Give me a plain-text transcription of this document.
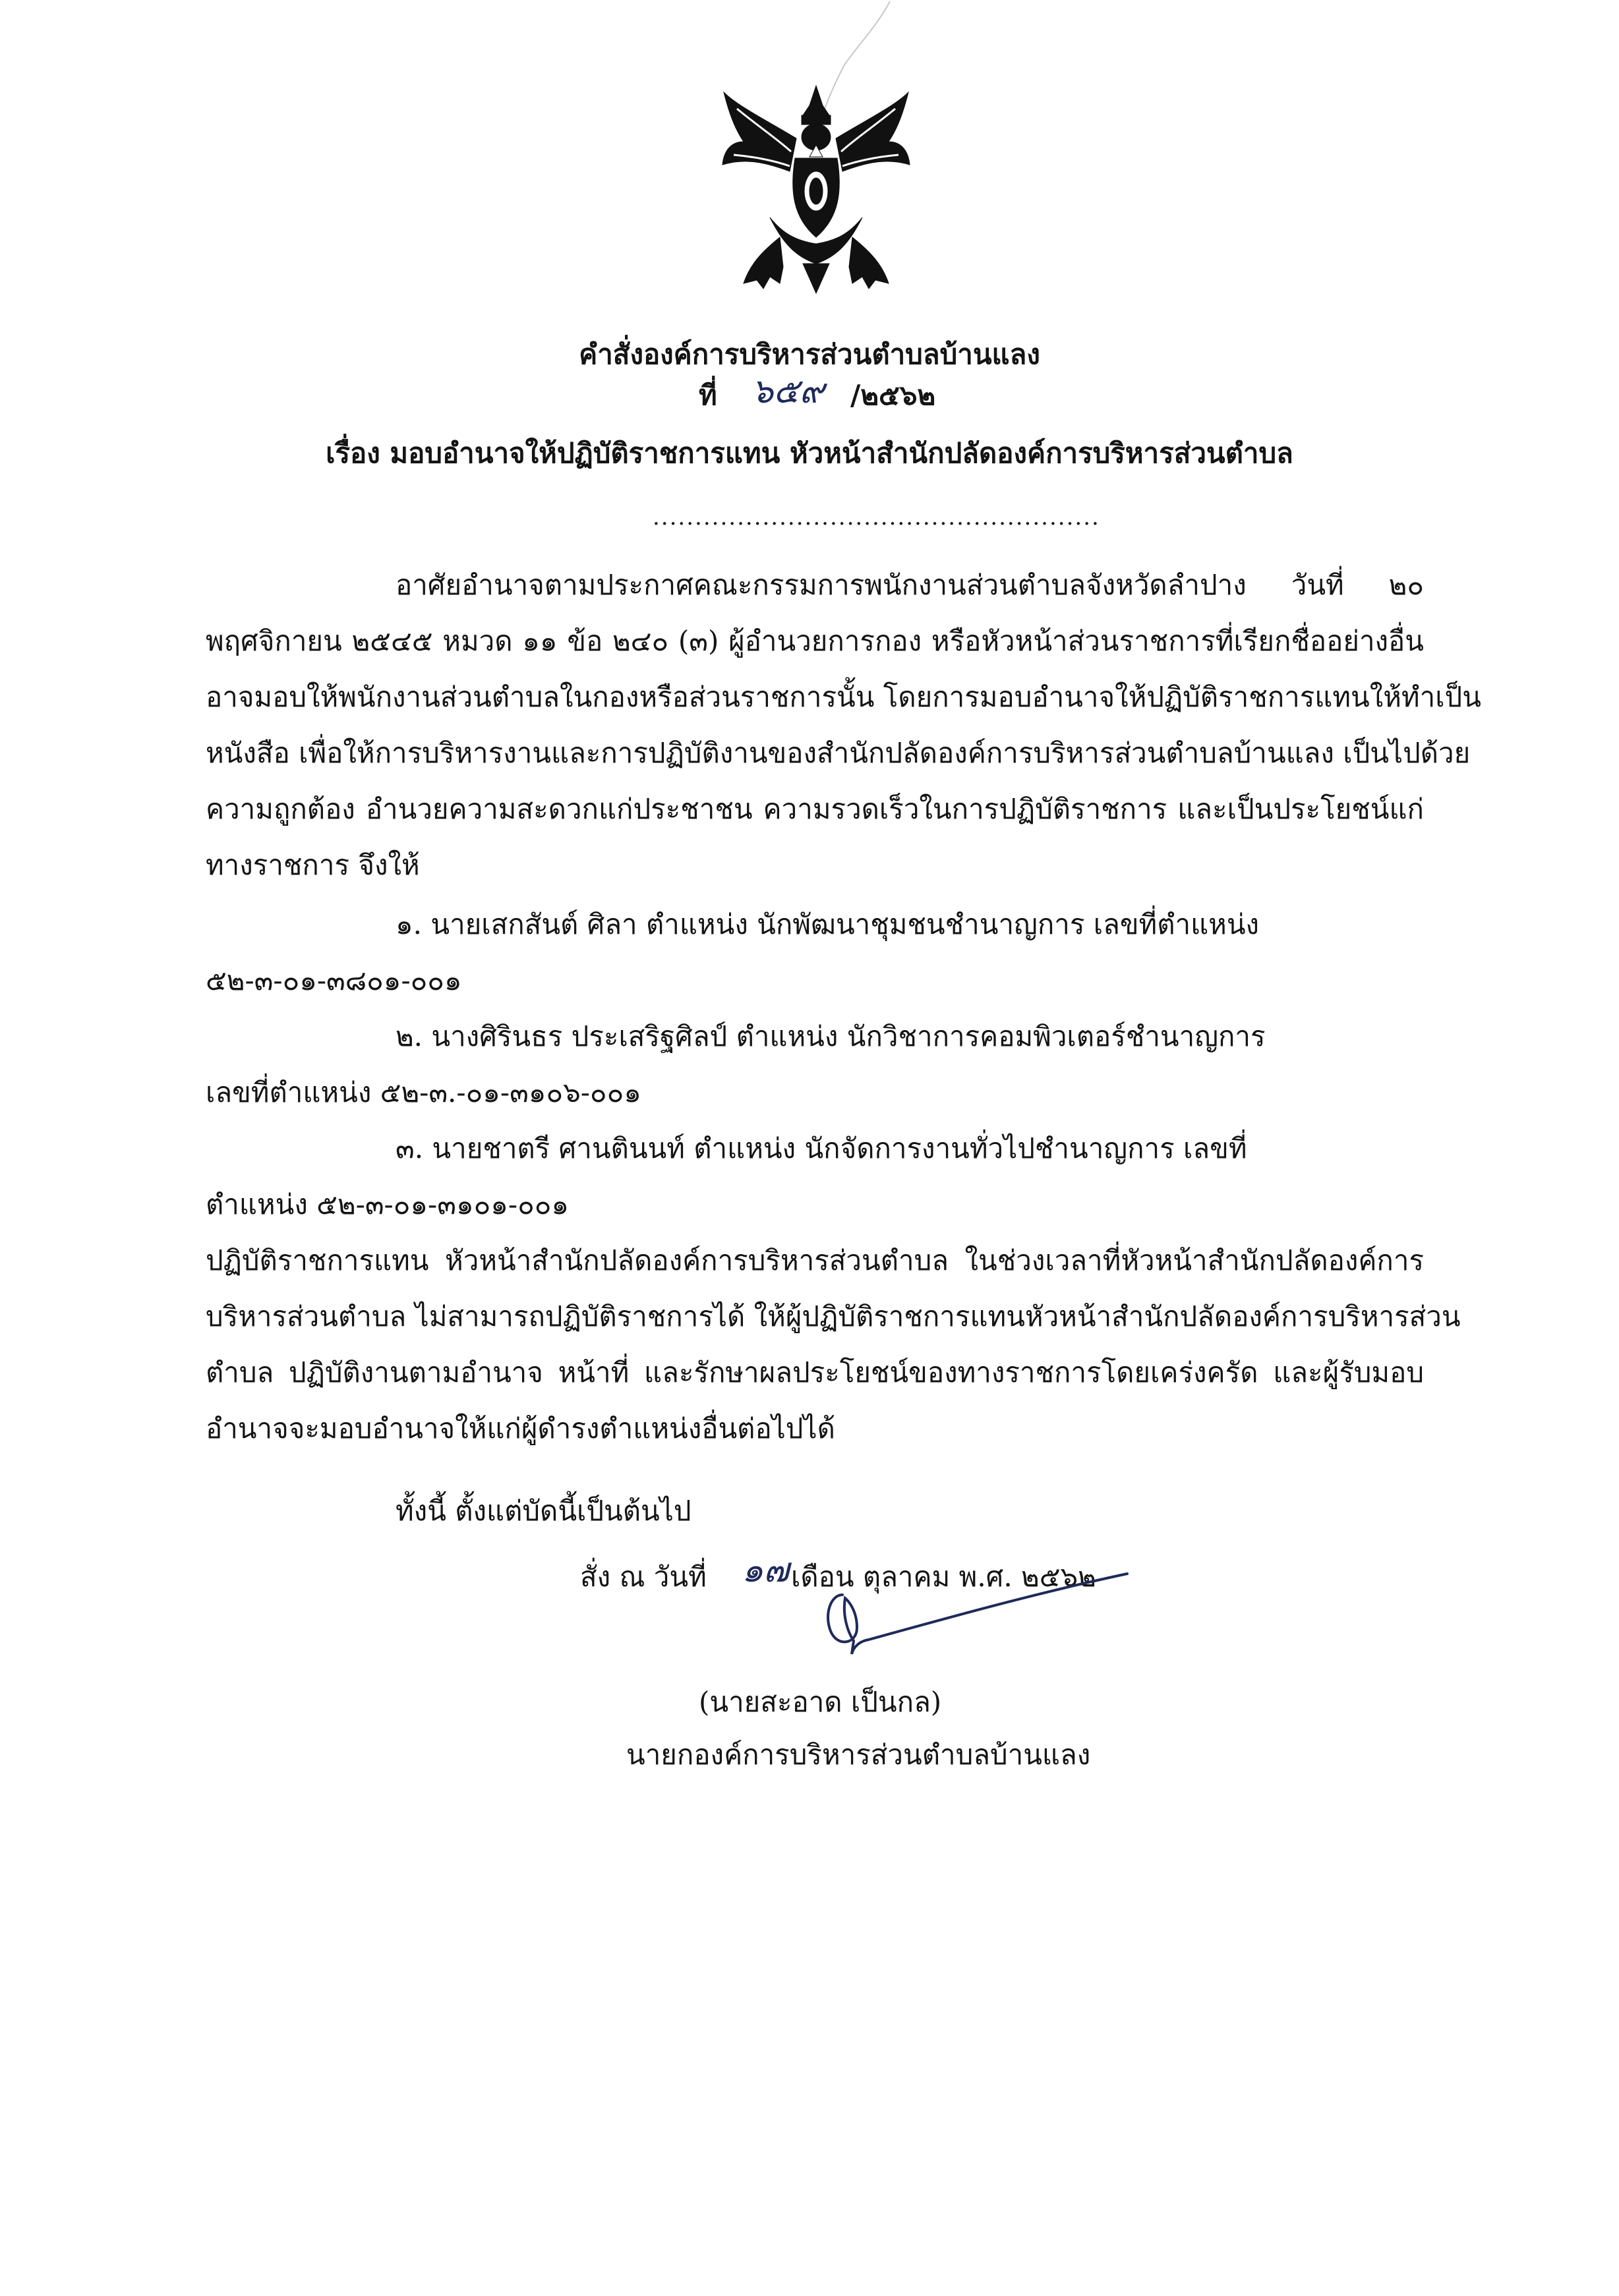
คำสั่งองค์การบริหารส่วนตำบลบ้านแลง
ที่ ๖๕๙ /๒๕๖๒
เรื่อง มอบอำนาจให้ปฏิบัติราชการแทน หัวหน้าสำนักปลัดองค์การบริหารส่วนตำบล
.....................................................
อาศัยอำนาจตามประกาศคณะกรรมการพนักงานส่วนตำบลจังหวัดลำปาง วันที่ ๒๐
พฤศจิกายน ๒๕๔๕ หมวด ๑๑ ข้อ ๒๔๐ (๓) ผู้อำนวยการกอง หรือหัวหน้าส่วนราชการที่เรียกชื่ออย่างอื่น
อาจมอบให้พนักงานส่วนตำบลในกองหรือส่วนราชการนั้น โดยการมอบอำนาจให้ปฏิบัติราชการแทนให้ทำเป็น
หนังสือ เพื่อให้การบริหารงานและการปฏิบัติงานของสำนักปลัดองค์การบริหารส่วนตำบลบ้านแลง เป็นไปด้วย
ความถูกต้อง อำนวยความสะดวกแก่ประชาชน ความรวดเร็วในการปฏิบัติราชการ และเป็นประโยชน์แก่
ทางราชการ จึงให้
๑. นายเสกสันต์ ศิลา ตำแหน่ง นักพัฒนาชุมชนชำนาญการ เลขที่ตำแหน่ง
๕๒-๓-๐๑-๓๘๐๑-๐๐๑
๒. นางศิรินธร ประเสริฐศิลป์ ตำแหน่ง นักวิชาการคอมพิวเตอร์ชำนาญการ
เลขที่ตำแหน่ง ๕๒-๓.-๐๑-๓๑๐๖-๐๐๑
๓. นายชาตรี ศานตินนท์ ตำแหน่ง นักจัดการงานทั่วไปชำนาญการ เลขที่
ตำแหน่ง ๕๒-๓-๐๑-๓๑๐๑-๐๐๑
ปฏิบัติราชการแทน หัวหน้าสำนักปลัดองค์การบริหารส่วนตำบล ในช่วงเวลาที่หัวหน้าสำนักปลัดองค์การ
บริหารส่วนตำบล ไม่สามารถปฏิบัติราชการได้ ให้ผู้ปฏิบัติราชการแทนหัวหน้าสำนักปลัดองค์การบริหารส่วน
ตำบล ปฏิบัติงานตามอำนาจ หน้าที่ และรักษาผลประโยชน์ของทางราชการโดยเคร่งครัด และผู้รับมอบ
อำนาจจะมอบอำนาจให้แก่ผู้ดำรงตำแหน่งอื่นต่อไปได้
ทั้งนี้ ตั้งแต่บัดนี้เป็นต้นไป
สั่ง ณ วันที่ ๑๗ เดือน ตุลาคม พ.ศ. ๒๕๖๒
(นายสะอาด เป็นกล)
นายกองค์การบริหารส่วนตำบลบ้านแลง
